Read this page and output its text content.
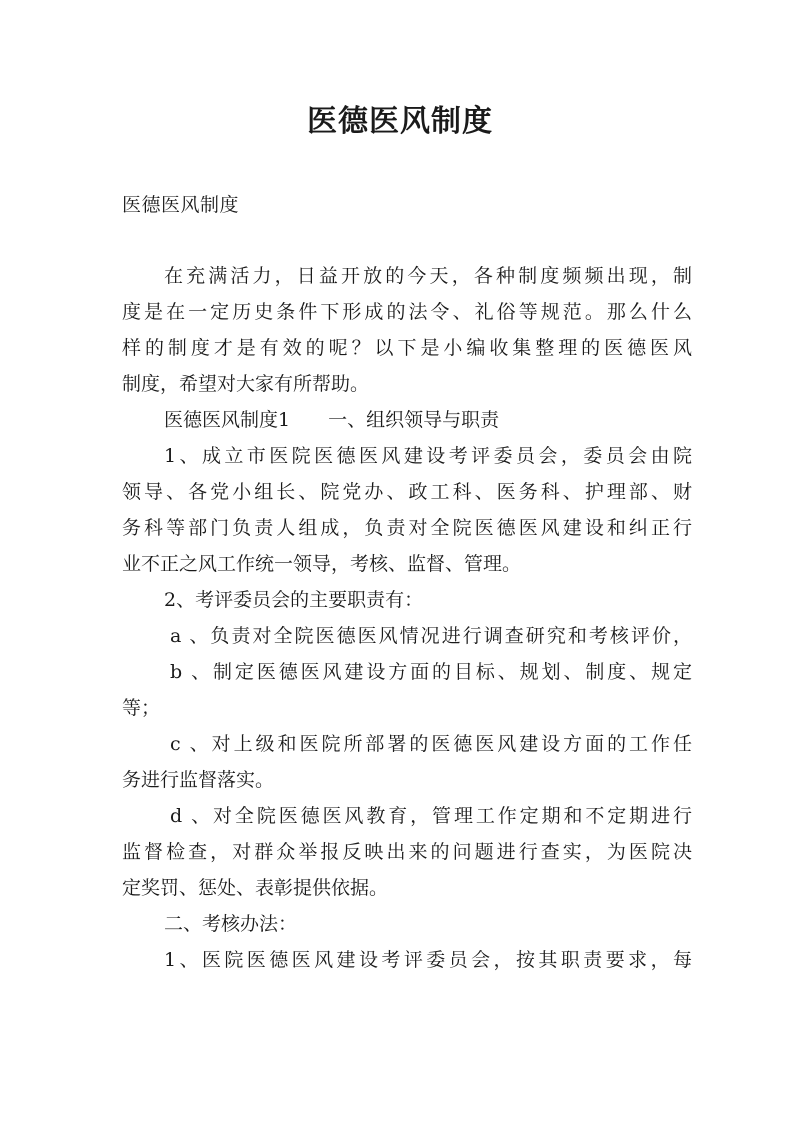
医德医风制度
医德医风制度
在充满活力，日益开放的今天，各种制度频频出现，制
度是在一定历史条件下形成的法令、礼俗等规范。那么什么
样的制度才是有效的呢？以下是小编收集整理的医德医风
制度，希望对大家有所帮助。
医德医风制度1　　一、组织领导与职责
1、成立市医院医德医风建设考评委员会，委员会由院
领导、各党小组长、院党办、政工科、医务科、护理部、财
务科等部门负责人组成，负责对全院医德医风建设和纠正行
业不正之风工作统一领导，考核、监督、管理。
2、考评委员会的主要职责有：
a 、负责对全院医德医风情况进行调查研究和考核评价，
b 、制定医德医风建设方面的目标、规划、制度、规定
等；
c 、对上级和医院所部署的医德医风建设方面的工作任
务进行监督落实。
d 、对全院医德医风教育，管理工作定期和不定期进行
监督检查，对群众举报反映出来的问题进行查实，为医院决
定奖罚、惩处、表彰提供依据。
二、考核办法：
1、医院医德医风建设考评委员会，按其职责要求，每
